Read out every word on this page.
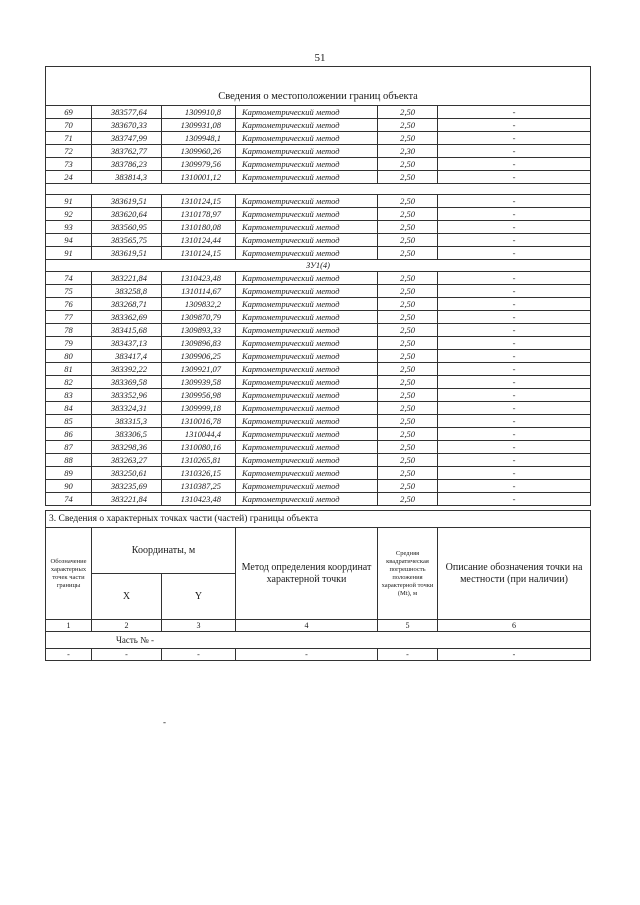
51
Сведения о местоположении границ объекта					
69	383577,64	1309910,8	Картометрический метод	2,50	-
70	383670,33	1309931,08	Картометрический метод	2,50	-
71	383747,99	1309948,1	Картометрический метод	2,50	-
72	383762,77	1309960,26	Картометрический метод	2,30	-
73	383786,23	1309979,56	Картометрический метод	2,50	-
24	383814,3	1310001,12	Картометрический метод	2,50	-

91	383619,51	1310124,15	Картометрический метод	2,50	-
92	383620,64	1310178,97	Картометрический метод	2,50	-
93	383560,95	1310180,08	Картометрический метод	2,50	-
94	383565,75	1310124,44	Картометрический метод	2,50	-
91	383619,51	1310124,15	Картометрический метод	2,50	-
ЗУ1(4)					
74	383221,84	1310423,48	Картометрический метод	2,50	-
75	383258,8	1310114,67	Картометрический метод	2,50	-
76	383268,71	1309832,2	Картометрический метод	2,50	-
77	383362,69	1309870,79	Картометрический метод	2,50	-
78	383415,68	1309893,33	Картометрический метод	2,50	-
79	383437,13	1309896,83	Картометрический метод	2,50	-
80	383417,4	1309906,25	Картометрический метод	2,50	-
81	383392,22	1309921,07	Картометрический метод	2,50	-
82	383369,58	1309939,58	Картометрический метод	2,50	-
83	383352,96	1309956,98	Картометрический метод	2,50	-
84	383324,31	1309999,18	Картометрический метод	2,50	-
85	383315,3	1310016,78	Картометрический метод	2,50	-
86	383306,5	1310044,4	Картометрический метод	2,50	-
87	383298,36	1310080,16	Картометрический метод	2,50	-
88	383263,27	1310265,81	Картометрический метод	2,50	-
89	383250,61	1310326,15	Картометрический метод	2,50	-
90	383235,69	1310387,25	Картометрический метод	2,50	-
74	383221,84	1310423,48	Картометрический метод	2,50	-
3. Сведения о характерных точках части (частей) границы объекта					
Обозначение характерных точек части границы	Координаты, м		Метод определения координат характерной точки	Средняя квадратическая погрешность положения характерной точки (Mt), м	Описание обозначения точки на местности (при наличии)
	X	Y			
1	2	3	4	5	6
Часть № -					
-	-	-	-	-	-
-
